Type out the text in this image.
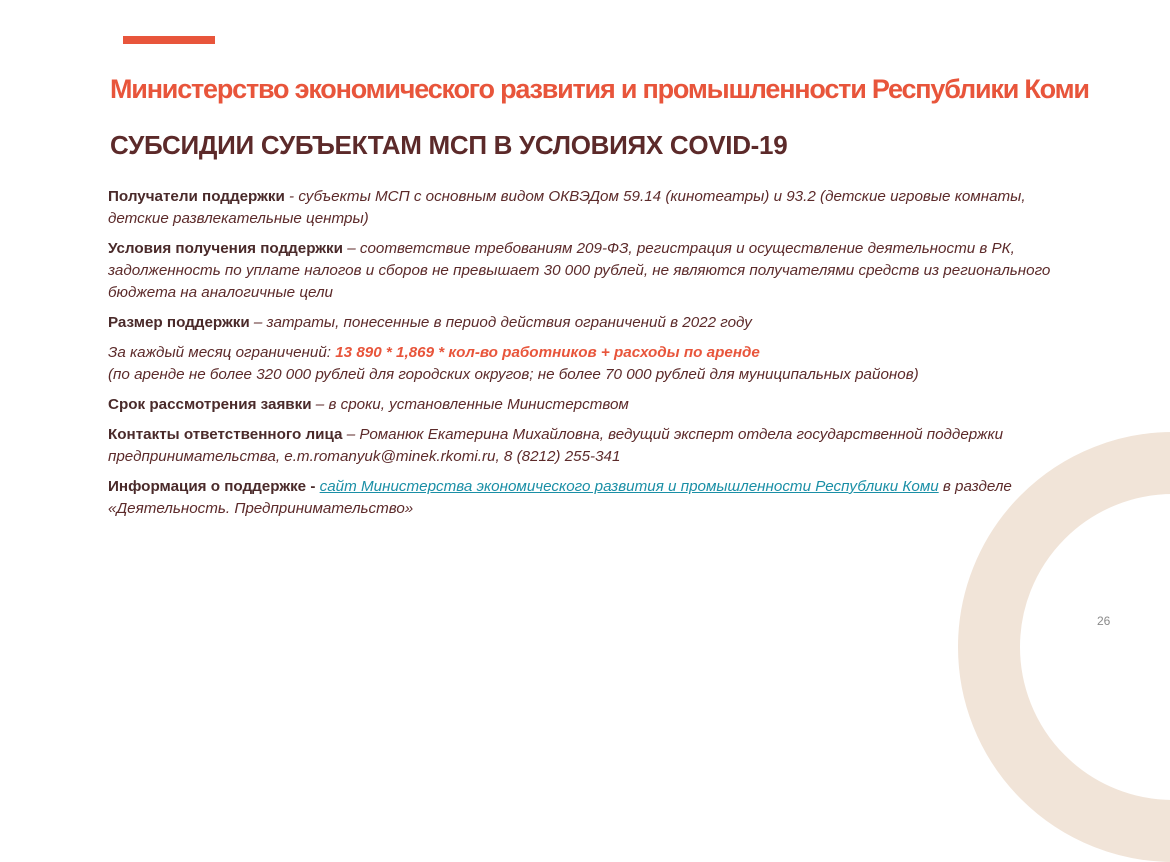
Министерство экономического развития и промышленности Республики Коми
СУБСИДИИ СУБЪЕКТАМ МСП В УСЛОВИЯХ COVID-19

Получатели поддержки - субъекты МСП с основным видом ОКВЭДом 59.14 (кинотеатры) и 93.2 (детские игровые комнаты, детские развлекательные центры)

Условия получения поддержки – соответствие требованиям 209-ФЗ, регистрация и осуществление деятельности в РК, задолженность по уплате налогов и сборов не превышает 30 000 рублей, не являются получателями средств из регионального бюджета на аналогичные цели

Размер поддержки – затраты, понесенные в период действия ограничений в 2022 году

За каждый месяц ограничений: 13 890 * 1,869 * кол-во работников + расходы по аренде
(по аренде не более 320 000 рублей для городских округов; не более 70 000 рублей для муниципальных районов)

Срок рассмотрения заявки – в сроки, установленные Министерством

Контакты ответственного лица – Романюк Екатерина Михайловна, ведущий эксперт отдела государственной поддержки предпринимательства, e.m.romanyuk@minek.rkomi.ru, 8 (8212) 255-341

Информация о поддержке - сайт Министерства экономического развития и промышленности Республики Коми в разделе «Деятельность. Предпринимательство»

26
